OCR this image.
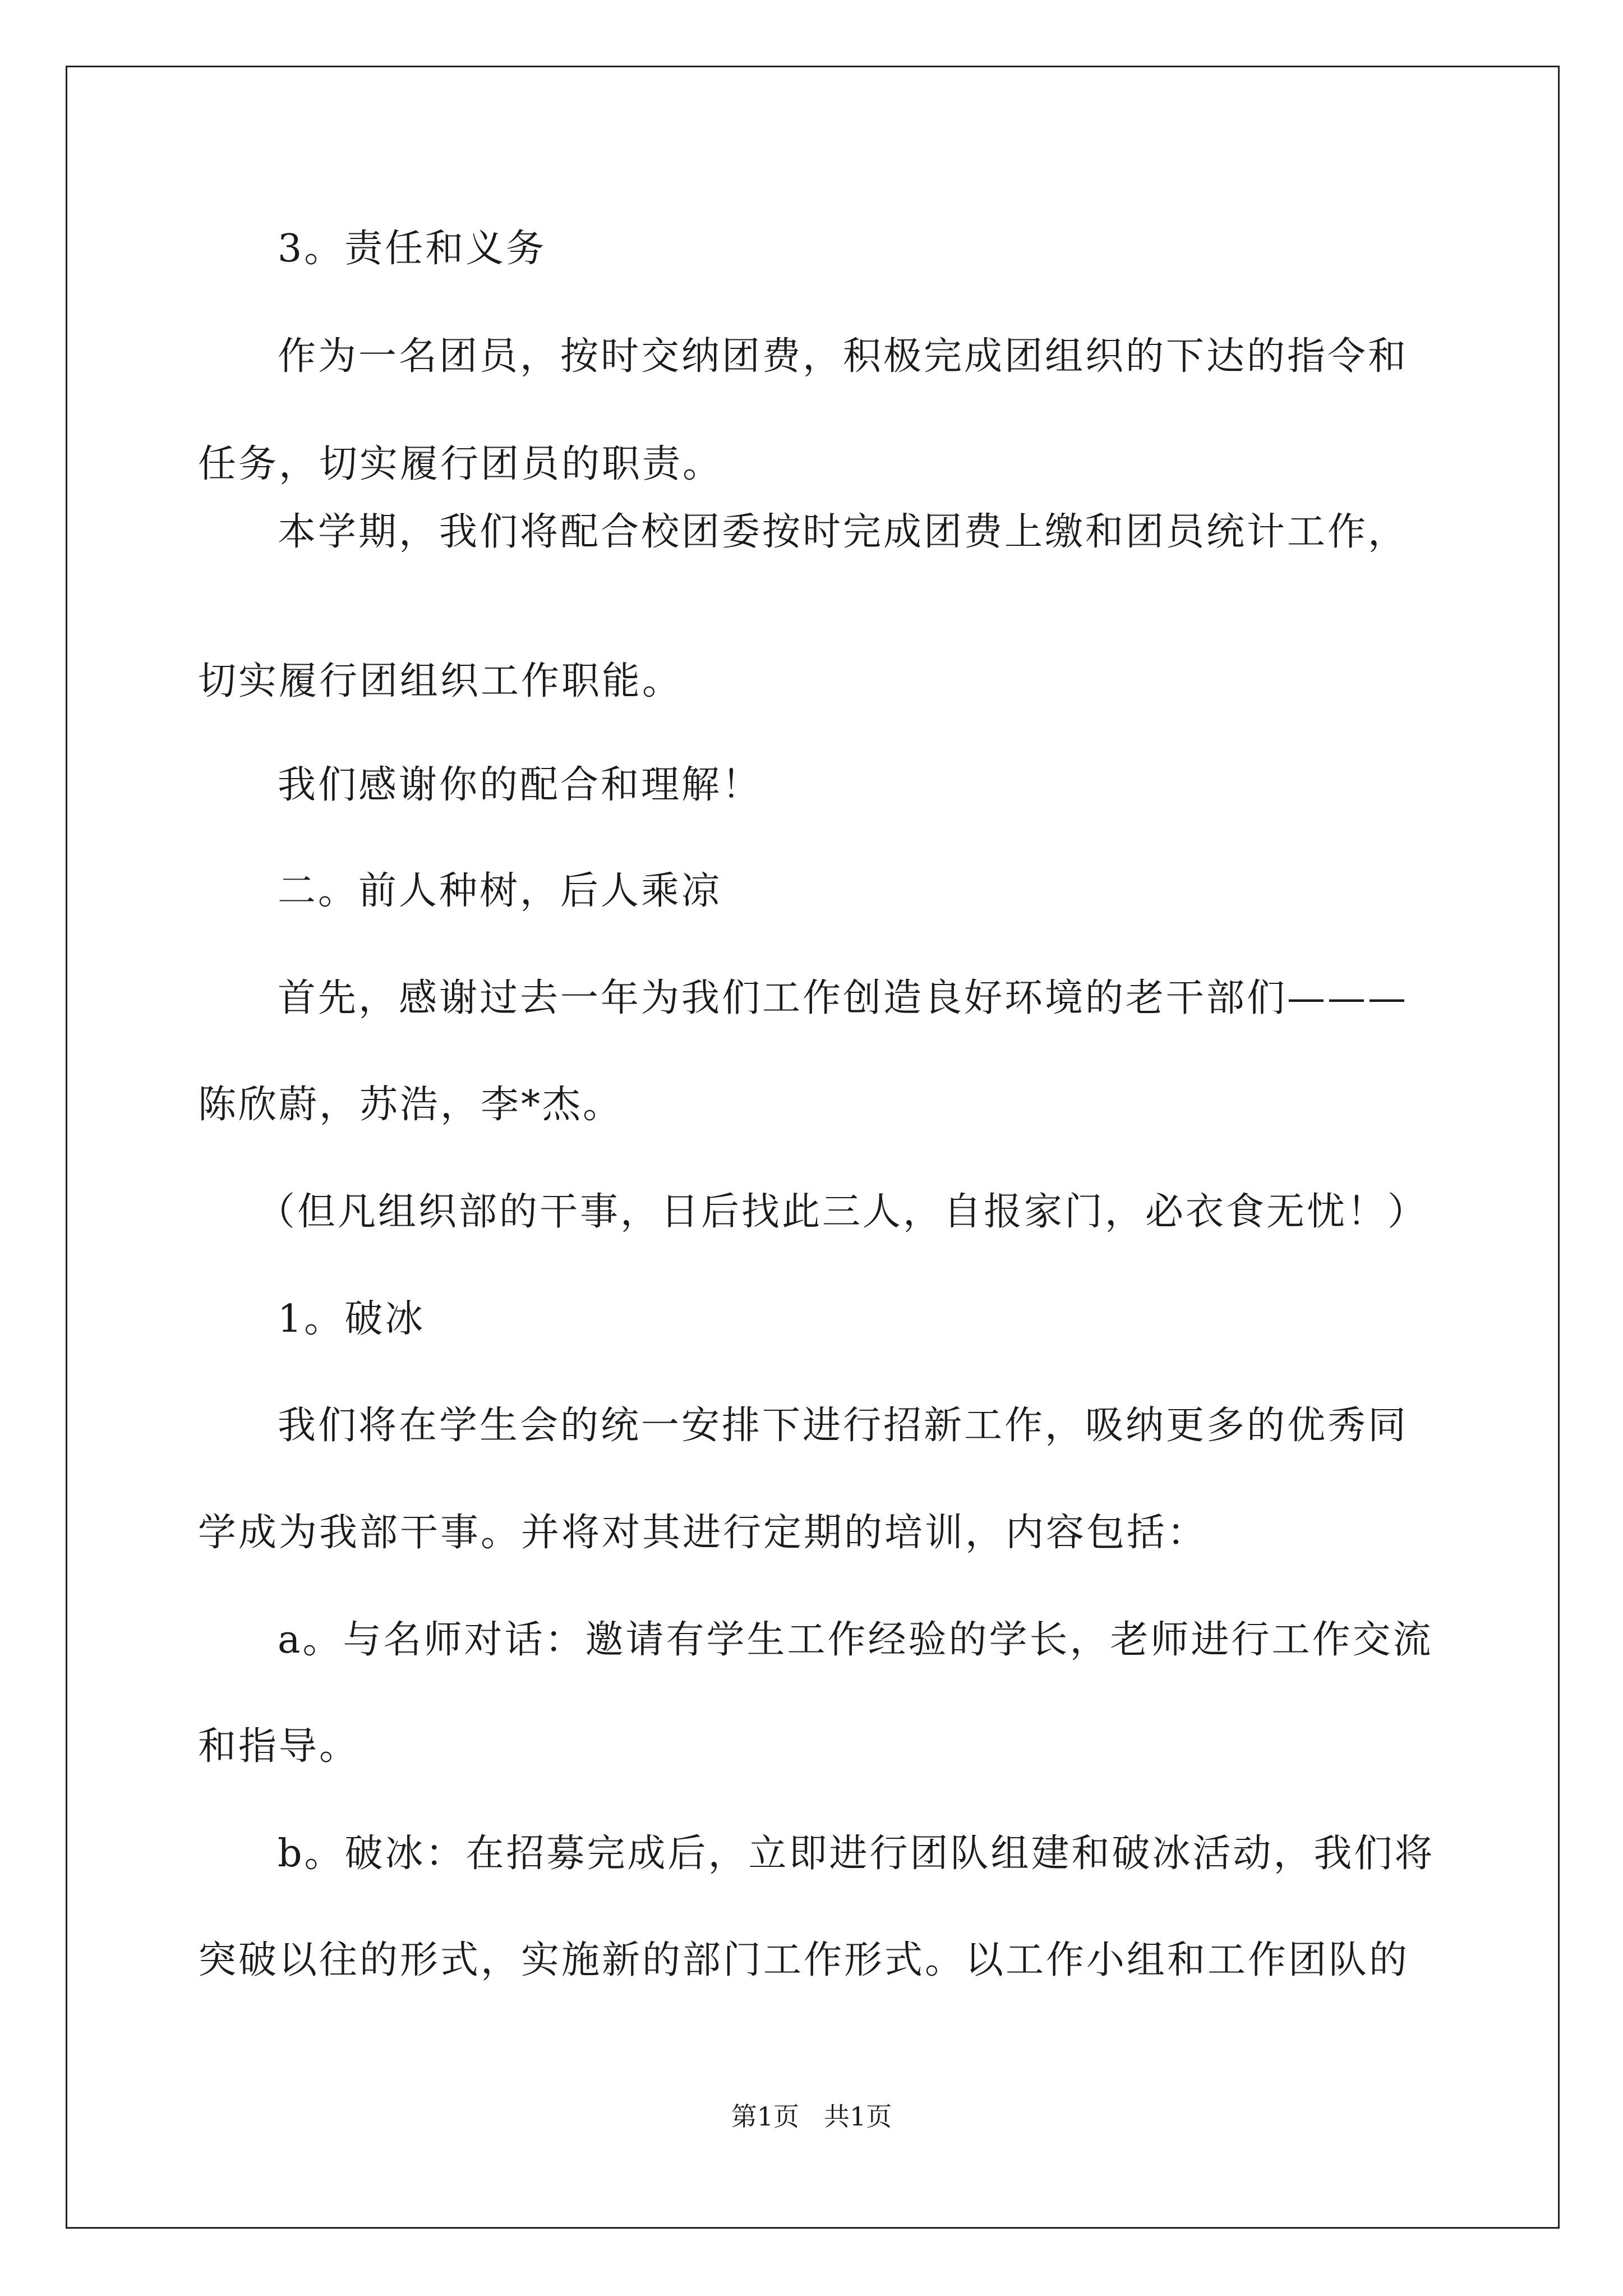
3。责任和义务
作为一名团员，按时交纳团费，积极完成团组织的下达的指令和
任务，切实履行团员的职责。
本学期，我们将配合校团委按时完成团费上缴和团员统计工作，
切实履行团组织工作职能。
我们感谢你的配合和理解！
二。前人种树，后人乘凉
首先，感谢过去一年为我们工作创造良好环境的老干部们———
陈欣蔚，苏浩，李*杰。
（但凡组织部的干事，日后找此三人，自报家门，必衣食无忧！）
1。破冰
我们将在学生会的统一安排下进行招新工作，吸纳更多的优秀同
学成为我部干事。并将对其进行定期的培训，内容包括：
a。与名师对话：邀请有学生工作经验的学长，老师进行工作交流
和指导。
b。破冰：在招募完成后，立即进行团队组建和破冰活动，我们将
突破以往的形式，实施新的部门工作形式。以工作小组和工作团队的
第1页 共1页
